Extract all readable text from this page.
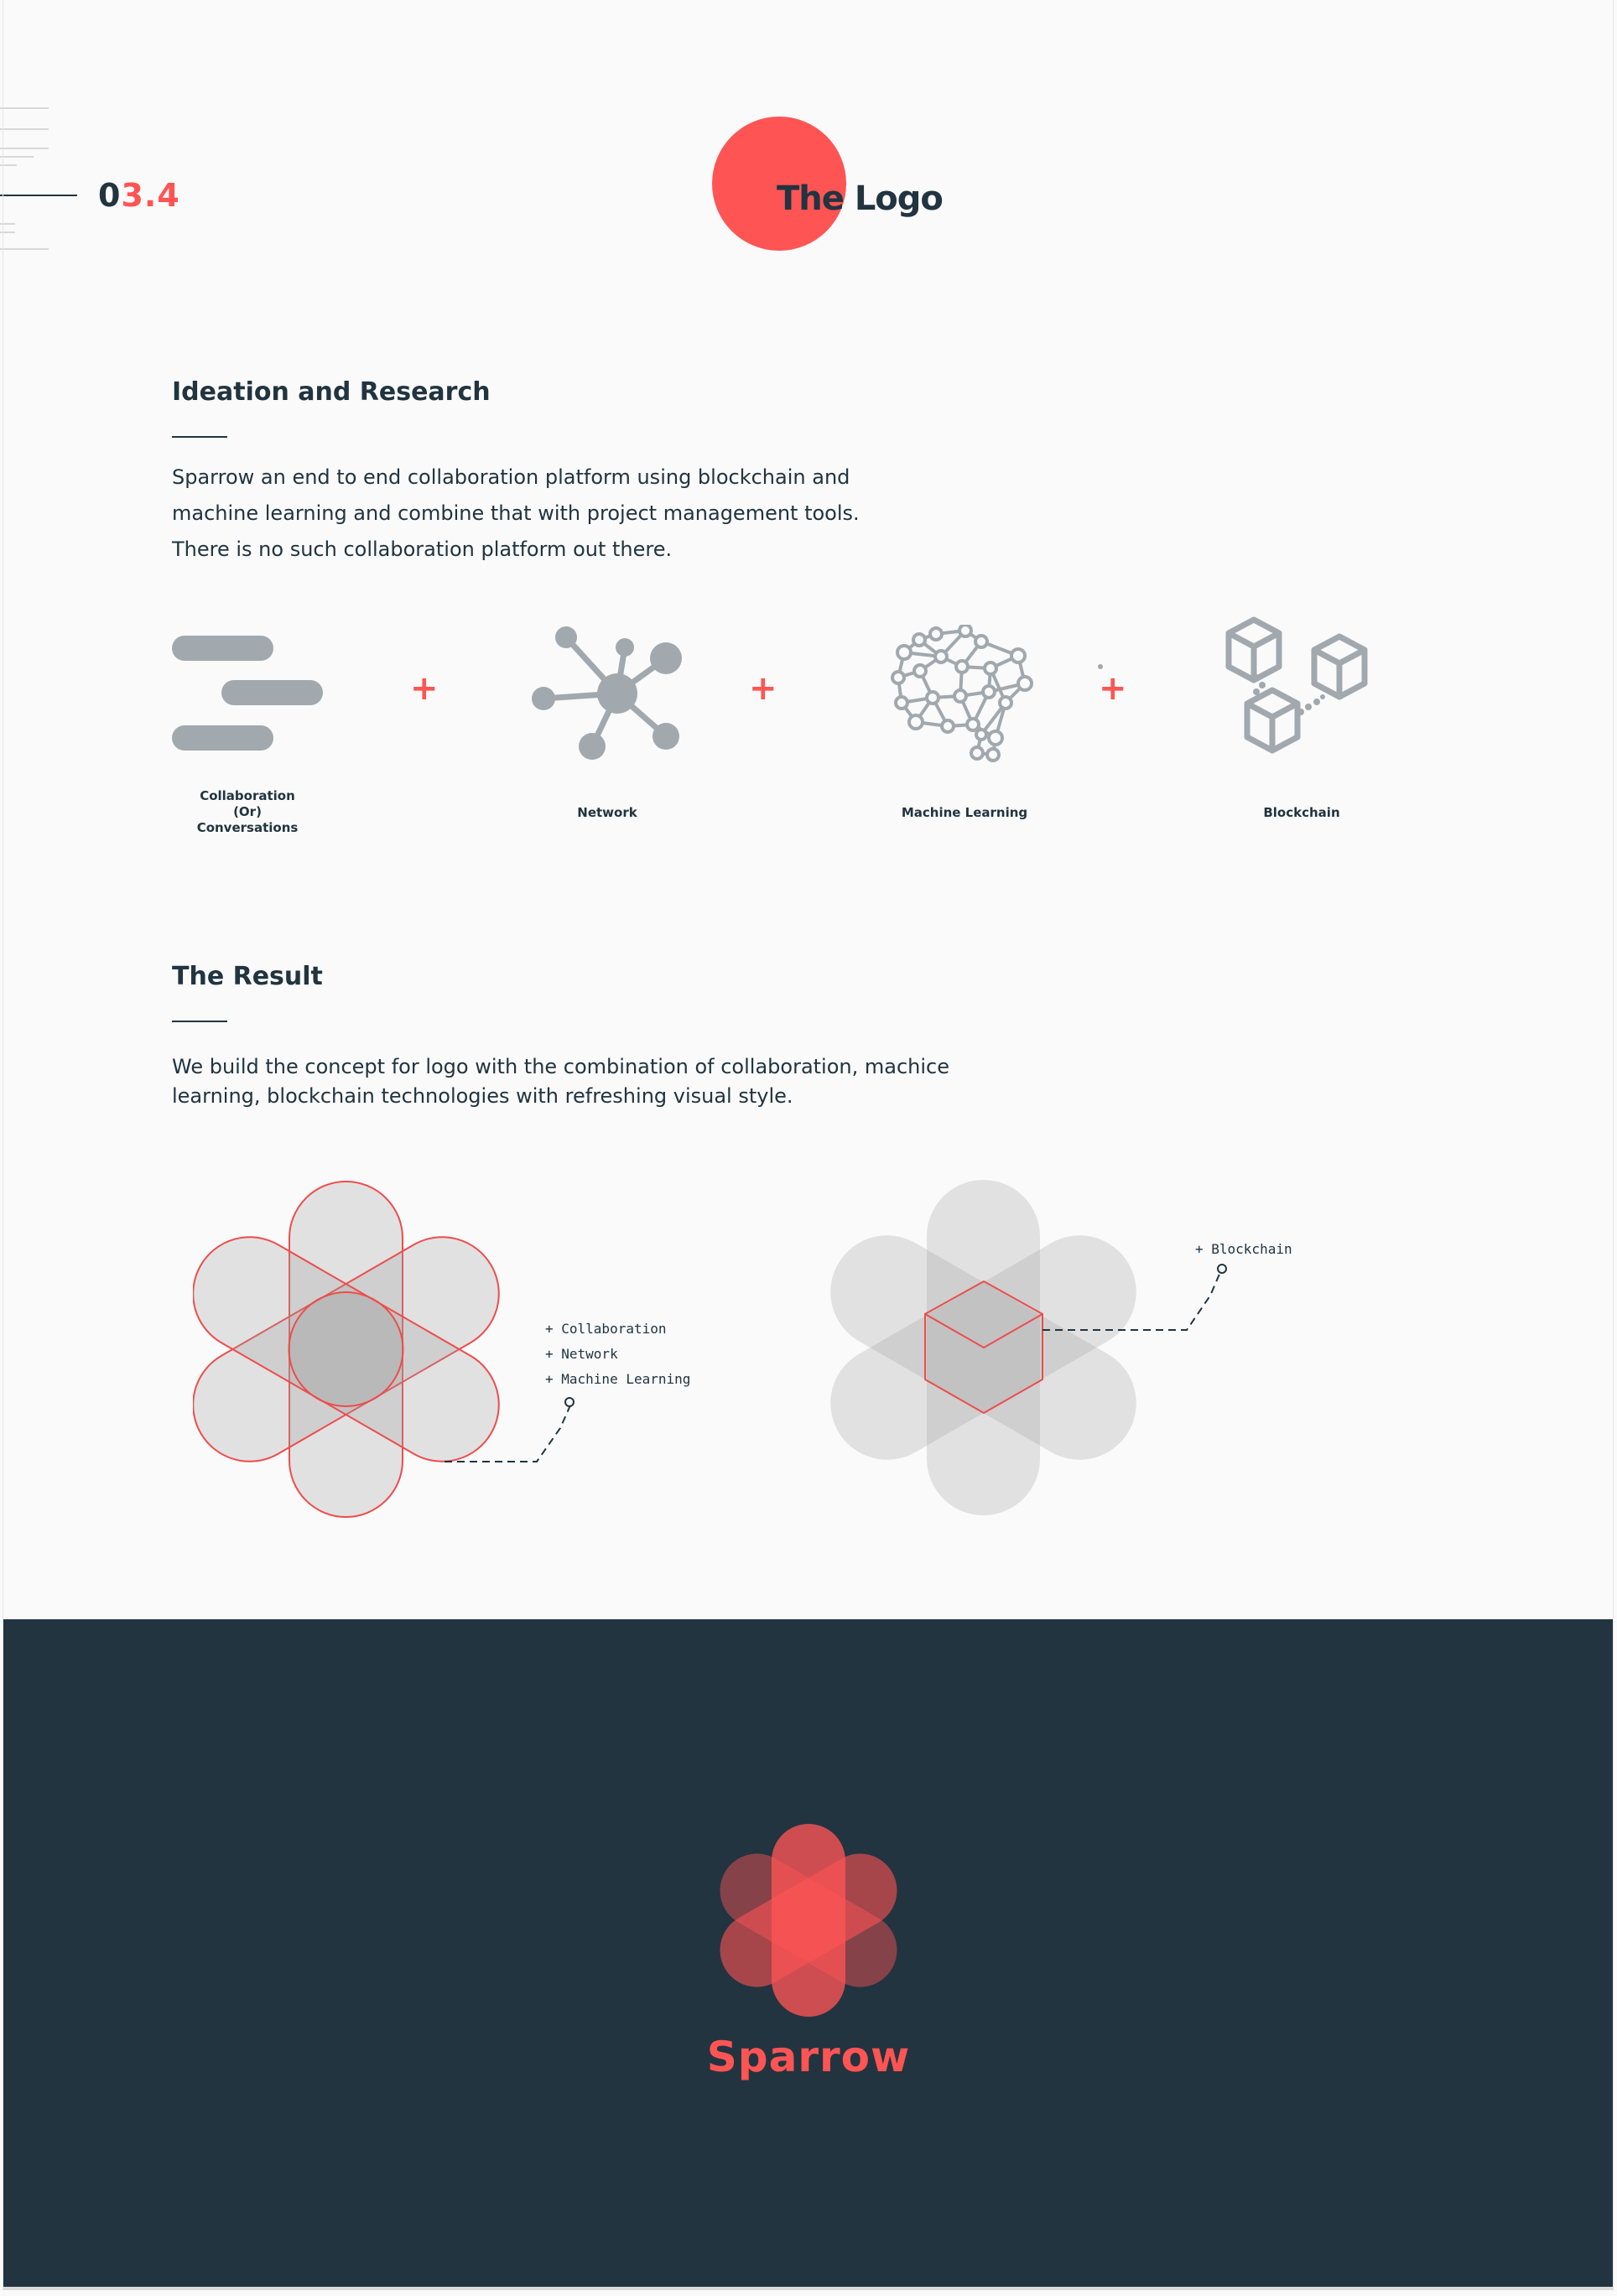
03.4	The Logo
Ideation and Research

Sparrow an end to end collaboration platform using blockchain and
machine learning and combine that with project management tools.
There is no such collaboration platform out there.

Collaboration
(Or)
Conversations
+
Network
+
Machine Learning
+
Blockchain
The Result

We build the concept for logo with the combination of collaboration, machice
learning, blockchain technologies with refreshing visual style.

+ Collaboration
+ Network
+ Machine Learning
+ Blockchain
Sparrow
